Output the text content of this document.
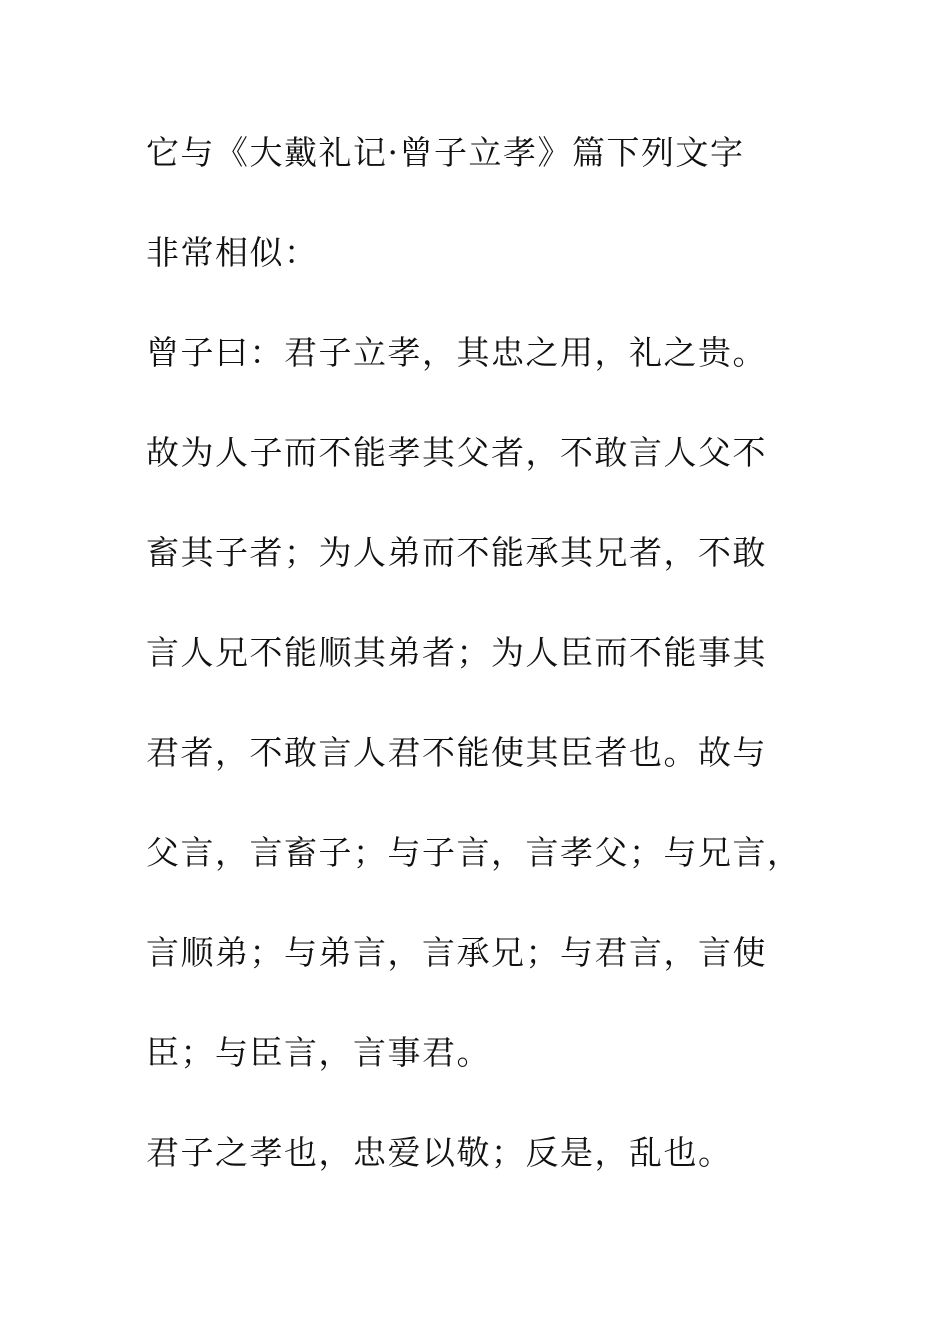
它与《大戴礼记·曾子立孝》篇下列文字
非常相似：
曾子曰：君子立孝，其忠之用，礼之贵。
故为人子而不能孝其父者，不敢言人父不
畜其子者；为人弟而不能承其兄者，不敢
言人兄不能顺其弟者；为人臣而不能事其
君者，不敢言人君不能使其臣者也。故与
父言，言畜子；与子言，言孝父；与兄言，
言顺弟；与弟言，言承兄；与君言，言使
臣；与臣言，言事君。
君子之孝也，忠爱以敬；反是，乱也。
